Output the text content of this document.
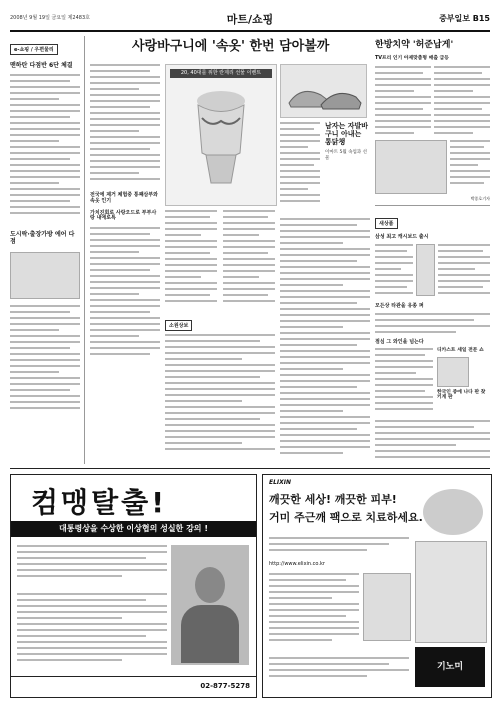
2008년 9월 19일 금요일 제2483호	마트/쇼핑	중부일보 B15
e-쇼핑 / 우편물리
맨하탄 다점반 6단 체결
도시락·출장가방 에어 다점
사랑바구니에 '속옷' 한번 담아볼까
전국에 제거 체험중 통째삼부와 속옷 인기
가치진회로 사랑오드로 부부사랑 내에로특
20, 40대를 위한 란제리 선물 이벤트
소원상보
남자는 자발바구니 아내는 통닭챙
이마트 5월 속업과 선물
한방치약 '허준납게'
TV프리 인기 아제맞춤형 매출 급등
박종호기자
새상품
삼성 최고 캐시보드 출시
모든상 타관을 유종 퍼
점심 그 와인을 넘는다
디카스트 세일 전문 쇼
한국인 중에 나다 판 찾 키게 판
컴맹탈출!
대통령상을 수상한 이상협의 성실한 강의 !
02-877-5278
ELIXIN
깨끗한 세상! 깨끗한 피부!
거미 주근깨 팩으로 치료하세요.
http://www.elixin.co.kr
기노미
